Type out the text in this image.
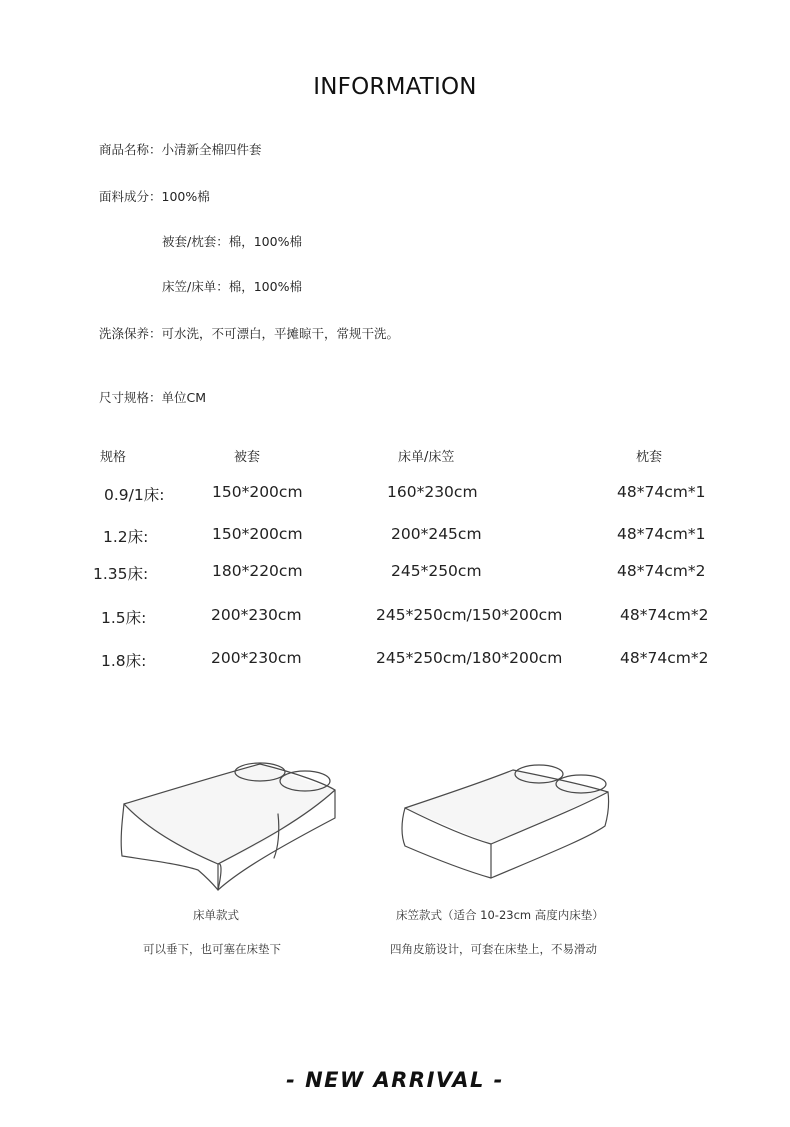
INFORMATION
商品名称：小清新全棉四件套
面料成分：100%棉
被套/枕套：棉，100%棉
床笠/床单：棉，100%棉
洗涤保养：可水洗，不可漂白，平摊晾干，常规干洗。
尺寸规格：单位CM
规格	被套	床单/床笠	枕套
0.9/1床:	150*200cm	160*230cm	48*74cm*1
1.2床:	150*200cm	200*245cm	48*74cm*1
1.35床:	180*220cm	245*250cm	48*74cm*2
1.5床:	200*230cm	245*250cm/150*200cm	48*74cm*2
1.8床:	200*230cm	245*250cm/180*200cm	48*74cm*2
床单款式
可以垂下，也可塞在床垫下
床笠款式（适合 10-23cm 高度内床垫）
四角皮筋设计，可套在床垫上，不易滑动
- NEW ARRIVAL -
